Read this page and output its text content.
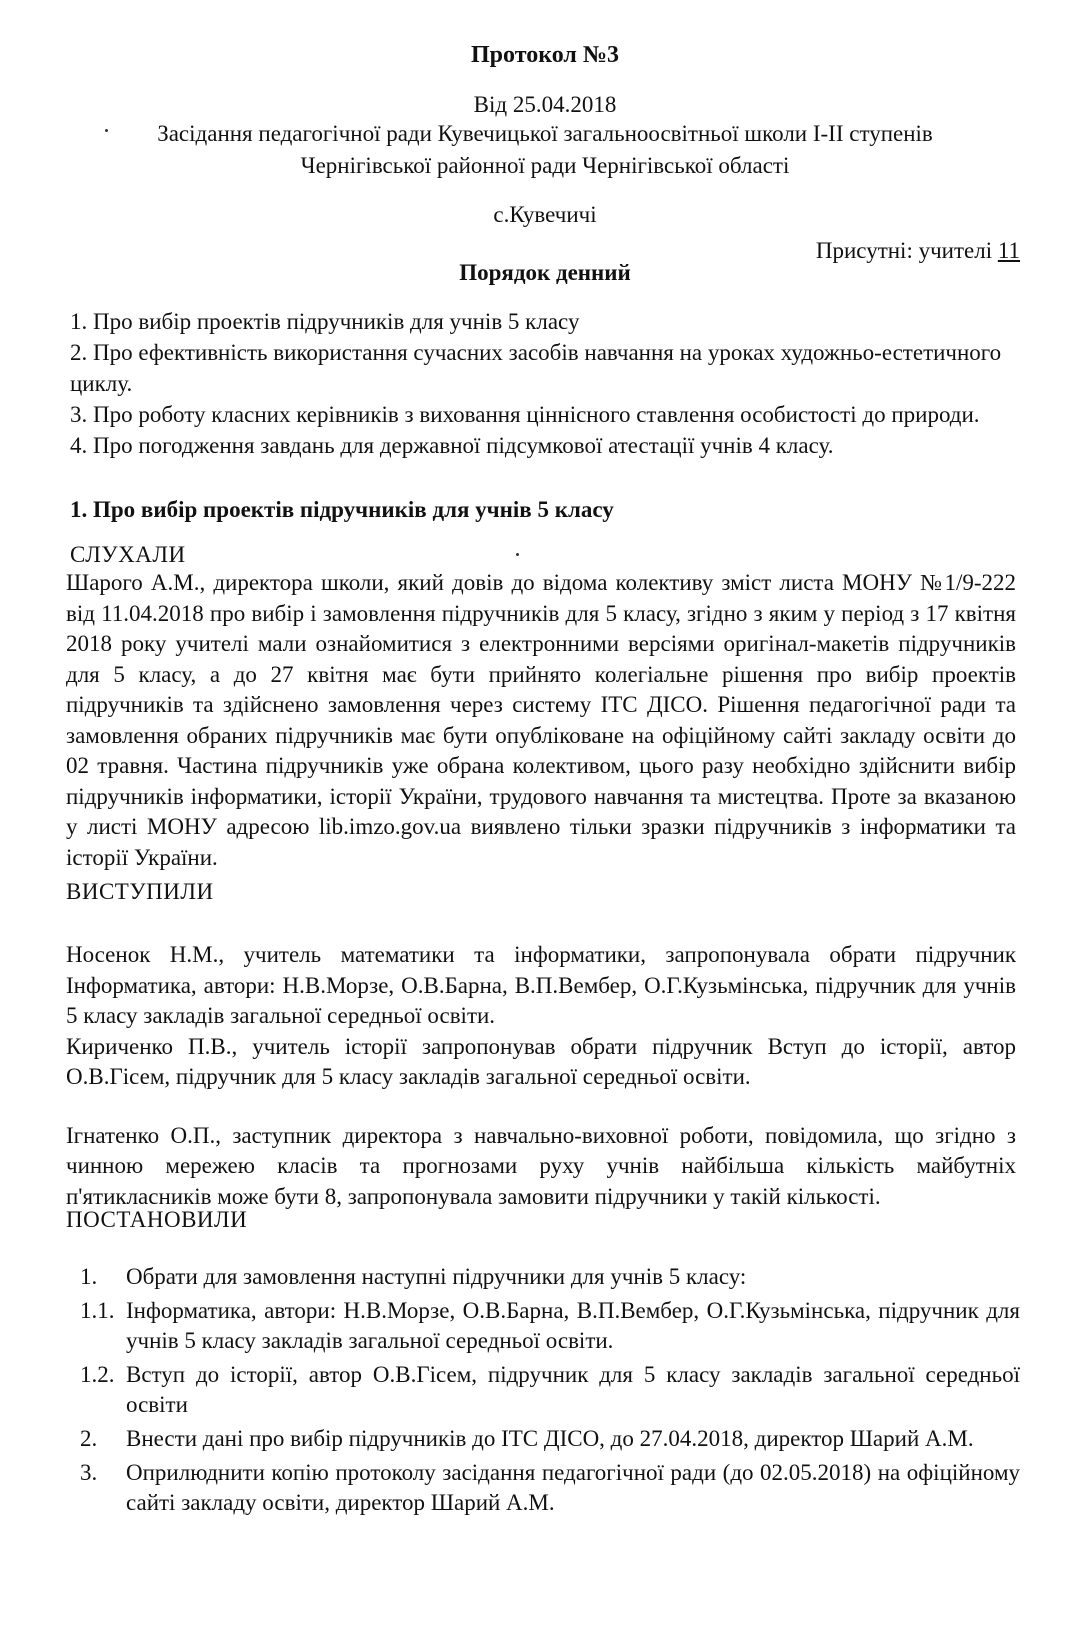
Протокол №3
Від 25.04.2018
Засідання педагогічної ради Кувечицької загальноосвітньої школи І-ІІ ступенів
Чернігівської районної ради Чернігівської області
с.Кувечичі
Присутні: учителі 11
Порядок денний
1. Про вибір проектів підручників для учнів 5 класу
2. Про ефективність використання сучасних засобів навчання на уроках художньо-естетичного циклу.
3. Про роботу класних керівників з виховання ціннісного ставлення особистості до природи.
4. Про погодження завдань для державної підсумкової атестації учнів 4 класу.
1. Про вибір проектів підручників для учнів 5 класу
СЛУХАЛИ

Шарого А.М., директора школи, який довів до відома колективу зміст листа МОНУ №1/9-222 від 11.04.2018 про вибір і замовлення підручників для 5 класу, згідно з яким у період з 17 квітня 2018 року учителі мали ознайомитися з електронними версіями оригінал-макетів підручників для 5 класу, а до 27 квітня має бути прийнято колегіальне рішення про вибір проектів підручників та здійснено замовлення через систему ІТС ДІСО. Рішення педагогічної ради та замовлення обраних підручників має бути опубліковане на офіційному сайті закладу освіти до 02 травня. Частина підручників уже обрана колективом, цього разу необхідно здійснити вибір підручників інформатики, історії України, трудового навчання та мистецтва. Проте за вказаною у листі МОНУ адресою lib.imzo.gov.ua виявлено тільки зразки підручників з інформатики та історії України.

ВИСТУПИЛИ

Носенок Н.М., учитель математики та інформатики, запропонувала обрати підручник Інформатика, автори: Н.В.Морзе, О.В.Барна, В.П.Вембер, О.Г.Кузьмінська, підручник для учнів 5 класу закладів загальної середньої освіти.

Кириченко П.В., учитель історії запропонував обрати підручник Вступ до історії, автор О.В.Гісем, підручник для 5 класу закладів загальної середньої освіти.

Ігнатенко О.П., заступник директора з навчально-виховної роботи, повідомила, що згідно з чинною мережею класів та прогнозами руху учнів найбільша кількість майбутніх п'ятикласників може бути 8, запропонувала замовити підручники у такій кількості.

ПОСТАНОВИЛИ
1.	Обрати для замовлення наступні підручники для учнів 5 класу:
1.1. Інформатика, автори: Н.В.Морзе, О.В.Барна, В.П.Вембер, О.Г.Кузьмінська, підручник для учнів 5 класу закладів загальної середньої освіти.
1.2. Вступ до історії, автор О.В.Гісем, підручник для 5 класу закладів загальної середньої освіти
2.	Внести дані про вибір підручників до ІТС ДІСО, до 27.04.2018, директор Шарий А.М.
3.	Оприлюднити копію протоколу засідання педагогічної ради (до 02.05.2018) на офіційному сайті закладу освіти, директор Шарий А.М.
